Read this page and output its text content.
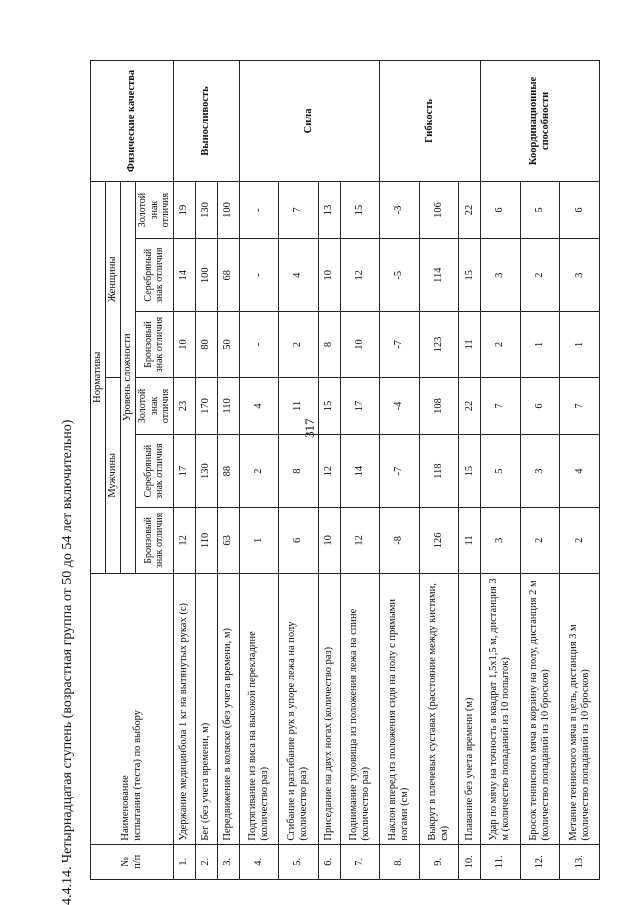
317
4.4.14. Четырнадцатая ступень (возрастная группа от 50 до 54 лет включительно)	№
п/п	Наименование
испытания (теста) по выбору	Нормативы						Физические качества
		Мужчины			Женщины			
		Уровень сложности						
		Бронзовый знак отличия	Серебряный знак отличия	Золотой знак отличия	Бронзовый знак отличия	Серебряный знак отличия	Золотой знак отличия	
1.	Удержание медицинбола 1 кг на вытянутых руках (с)	12	17	23	10	14	19	Выносливость
2.	Бег (без учета времени, м)	110	130	170	80	100	130	
3.	Передвижение в коляске (без учета времени, м)	63	88	110	50	68	100	
4.	Подтягивание из виса на высокой перекладине (количество раз)	1	2	4	-	-	-	Сила
5.	Сгибание и разгибание рук в упоре лежа на полу (количество раз)	6	8	11	2	4	7	
6.	Приседание на двух ногах (количество раз)	10	12	15	8	10	13	
7.	Поднимание туловища из положения лежа на спине (количество раз)	12	14	17	10	12	15	
8.	Наклон вперед из положения сидя на полу с прямыми ногами (см)	-8	-7	-4	-7	-5	-3	Гибкость
9.	Выкрут в плечевых суставах (расстояние между кистями, см)	126	118	108	123	114	106	
10.	Плавание без учета времени (м)	11	15	22	11	15	22	
11.	Удар по мячу на точность в квадрат 1,5х1,5 м, дистанция 3 м (количество попаданий из 10 попыток)	3	5	7	2	3	6	Координационные способности
12.	Бросок теннисного мяча в корзину на полу, дистанция 2 м (количество попаданий из 10 бросков)	2	3	6	1	2	5	
13.	Метание теннисного мяча в цель, дистанция 3 м (количество попаданий из 10 бросков)	2	4	7	1	3	6	
